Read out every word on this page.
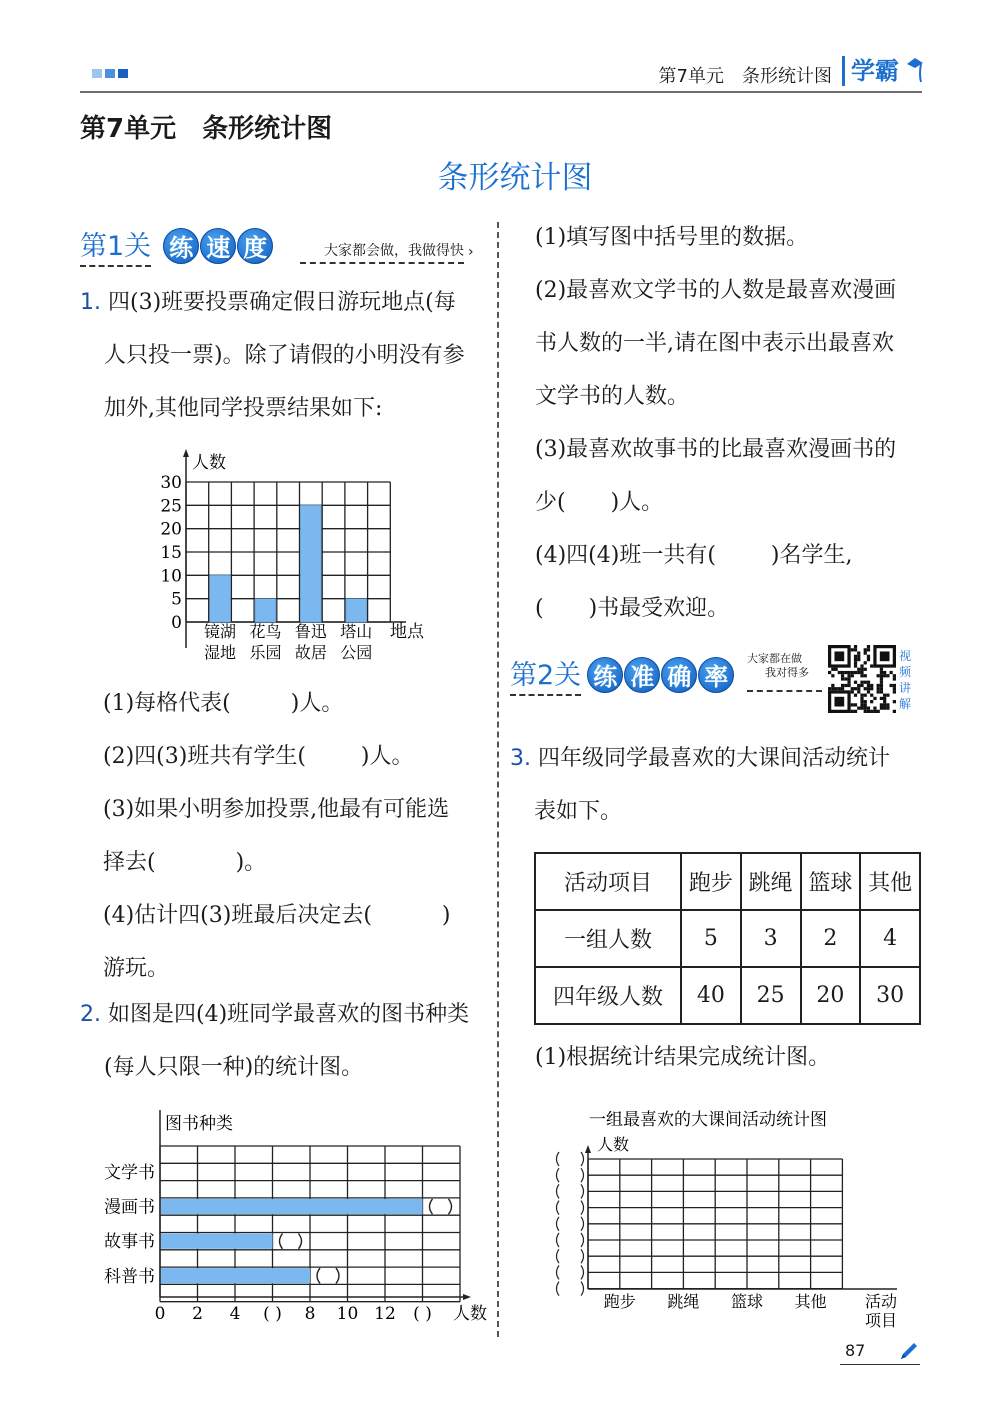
第7单元　条形统计图 学霸
第7单元　条形统计图
条形统计图
第1关 练 速 度	大家都会做，我做得快 ›
1. 四(3)班要投票确定假日游玩地点(每
人只投一票)。除了请假的小明没有参
加外,其他同学投票结果如下:
人数
0
5
10
15
20
25
30
镜湖
湿地
花鸟
乐园
鲁迅
故居
塔山
公园
地点
(1)每格代表(	)人。
(2)四(3)班共有学生(	)人。
(3)如果小明参加投票,他最有可能选
择去(	)。
(4)估计四(3)班最后决定去(	)
游玩。
2. 如图是四(4)班同学最喜欢的图书种类
(每人只限一种)的统计图。
图书种类
文学书
漫画书
故事书
科普书
0 2 4 ( ) 8 10 12 ( ) 人数
(1)填写图中括号里的数据。
(2)最喜欢文学书的人数是最喜欢漫画
书人数的一半,请在图中表示出最喜欢
文学书的人数。
(3)最喜欢故事书的比最喜欢漫画书的
少( )人。
(4)四(4)班一共有(	)名学生,
( )书最受欢迎。
第2关 练 准 确 率
大家都在做
我对得多
视
频
讲
解
3. 四年级同学最喜欢的大课间活动统计
表如下。
活动项目	跑步	跳绳	篮球	其他
一组人数	5	3	2	4
四年级人数	40	25	20	30
(1)根据统计结果完成统计图。
一组最喜欢的大课间活动统计图
人数
跑步 跳绳 篮球 其他 活动
项目
87
